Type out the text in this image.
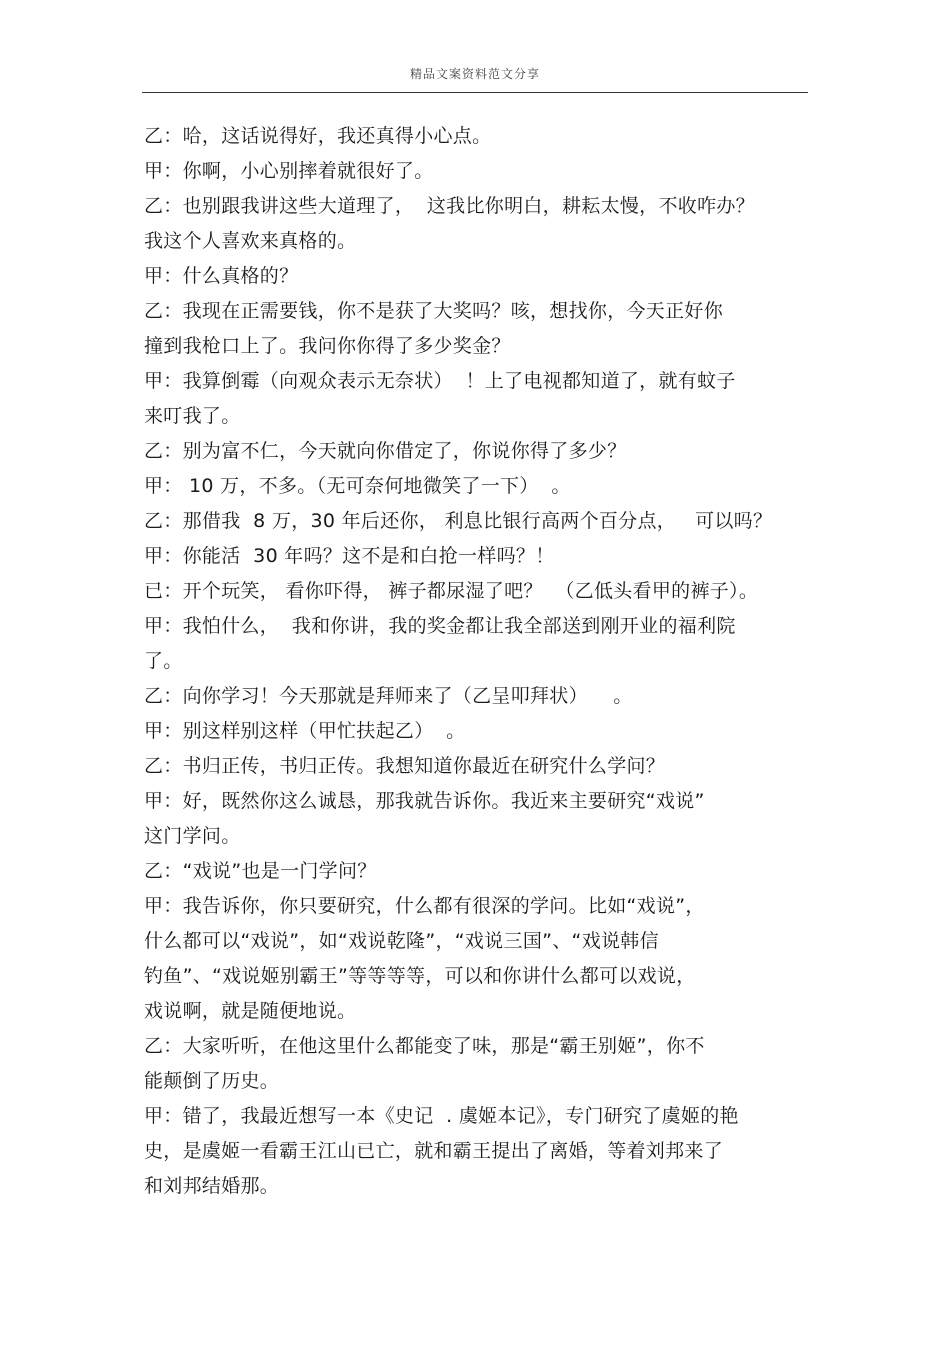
精品文案资料范文分享
乙：哈，这话说得好，我还真得小心点。
甲：你啊，小心别摔着就很好了。
乙：也别跟我讲这些大道理了，  这我比你明白，耕耘太慢，不收咋办？
我这个人喜欢来真格的。
甲：什么真格的？
乙：我现在正需要钱，你不是获了大奖吗？咳，想找你，今天正好你
撞到我枪口上了。我问你你得了多少奖金？
甲：我算倒霉（向观众表示无奈状）  ！上了电视都知道了，就有蚊子
来叮我了。
乙：别为富不仁，今天就向你借定了，你说你得了多少？
甲： 10 万，不多。（无可奈何地微笑了一下）  。
乙：那借我  8 万，30 年后还你， 利息比银行高两个百分点，   可以吗？
甲：你能活  30 年吗？这不是和白抢一样吗？！
已：开个玩笑， 看你吓得， 裤子都尿湿了吧？  （乙低头看甲的裤子）。
甲：我怕什么，  我和你讲，我的奖金都让我全部送到刚开业的福利院
了。
乙：向你学习！今天那就是拜师来了（乙呈叩拜状）    。
甲：别这样别这样（甲忙扶起乙）  。
乙：书归正传，书归正传。我想知道你最近在研究什么学问？
甲：好，既然你这么诚恳，那我就告诉你。我近来主要研究“戏说”
这门学问。
乙：“戏说”也是一门学问？
甲：我告诉你，你只要研究，什么都有很深的学问。比如“戏说”，
什么都可以“戏说”，如“戏说乾隆”，“戏说三国”、“戏说韩信
钓鱼”、“戏说姬别霸王”等等等等，可以和你讲什么都可以戏说，
戏说啊，就是随便地说。
乙：大家听听，在他这里什么都能变了味，那是“霸王别姬”，你不
能颠倒了历史。
甲：错了，我最近想写一本《史记  . 虞姬本记》，专门研究了虞姬的艳
史，是虞姬一看霸王江山已亡，就和霸王提出了离婚，等着刘邦来了
和刘邦结婚那。
